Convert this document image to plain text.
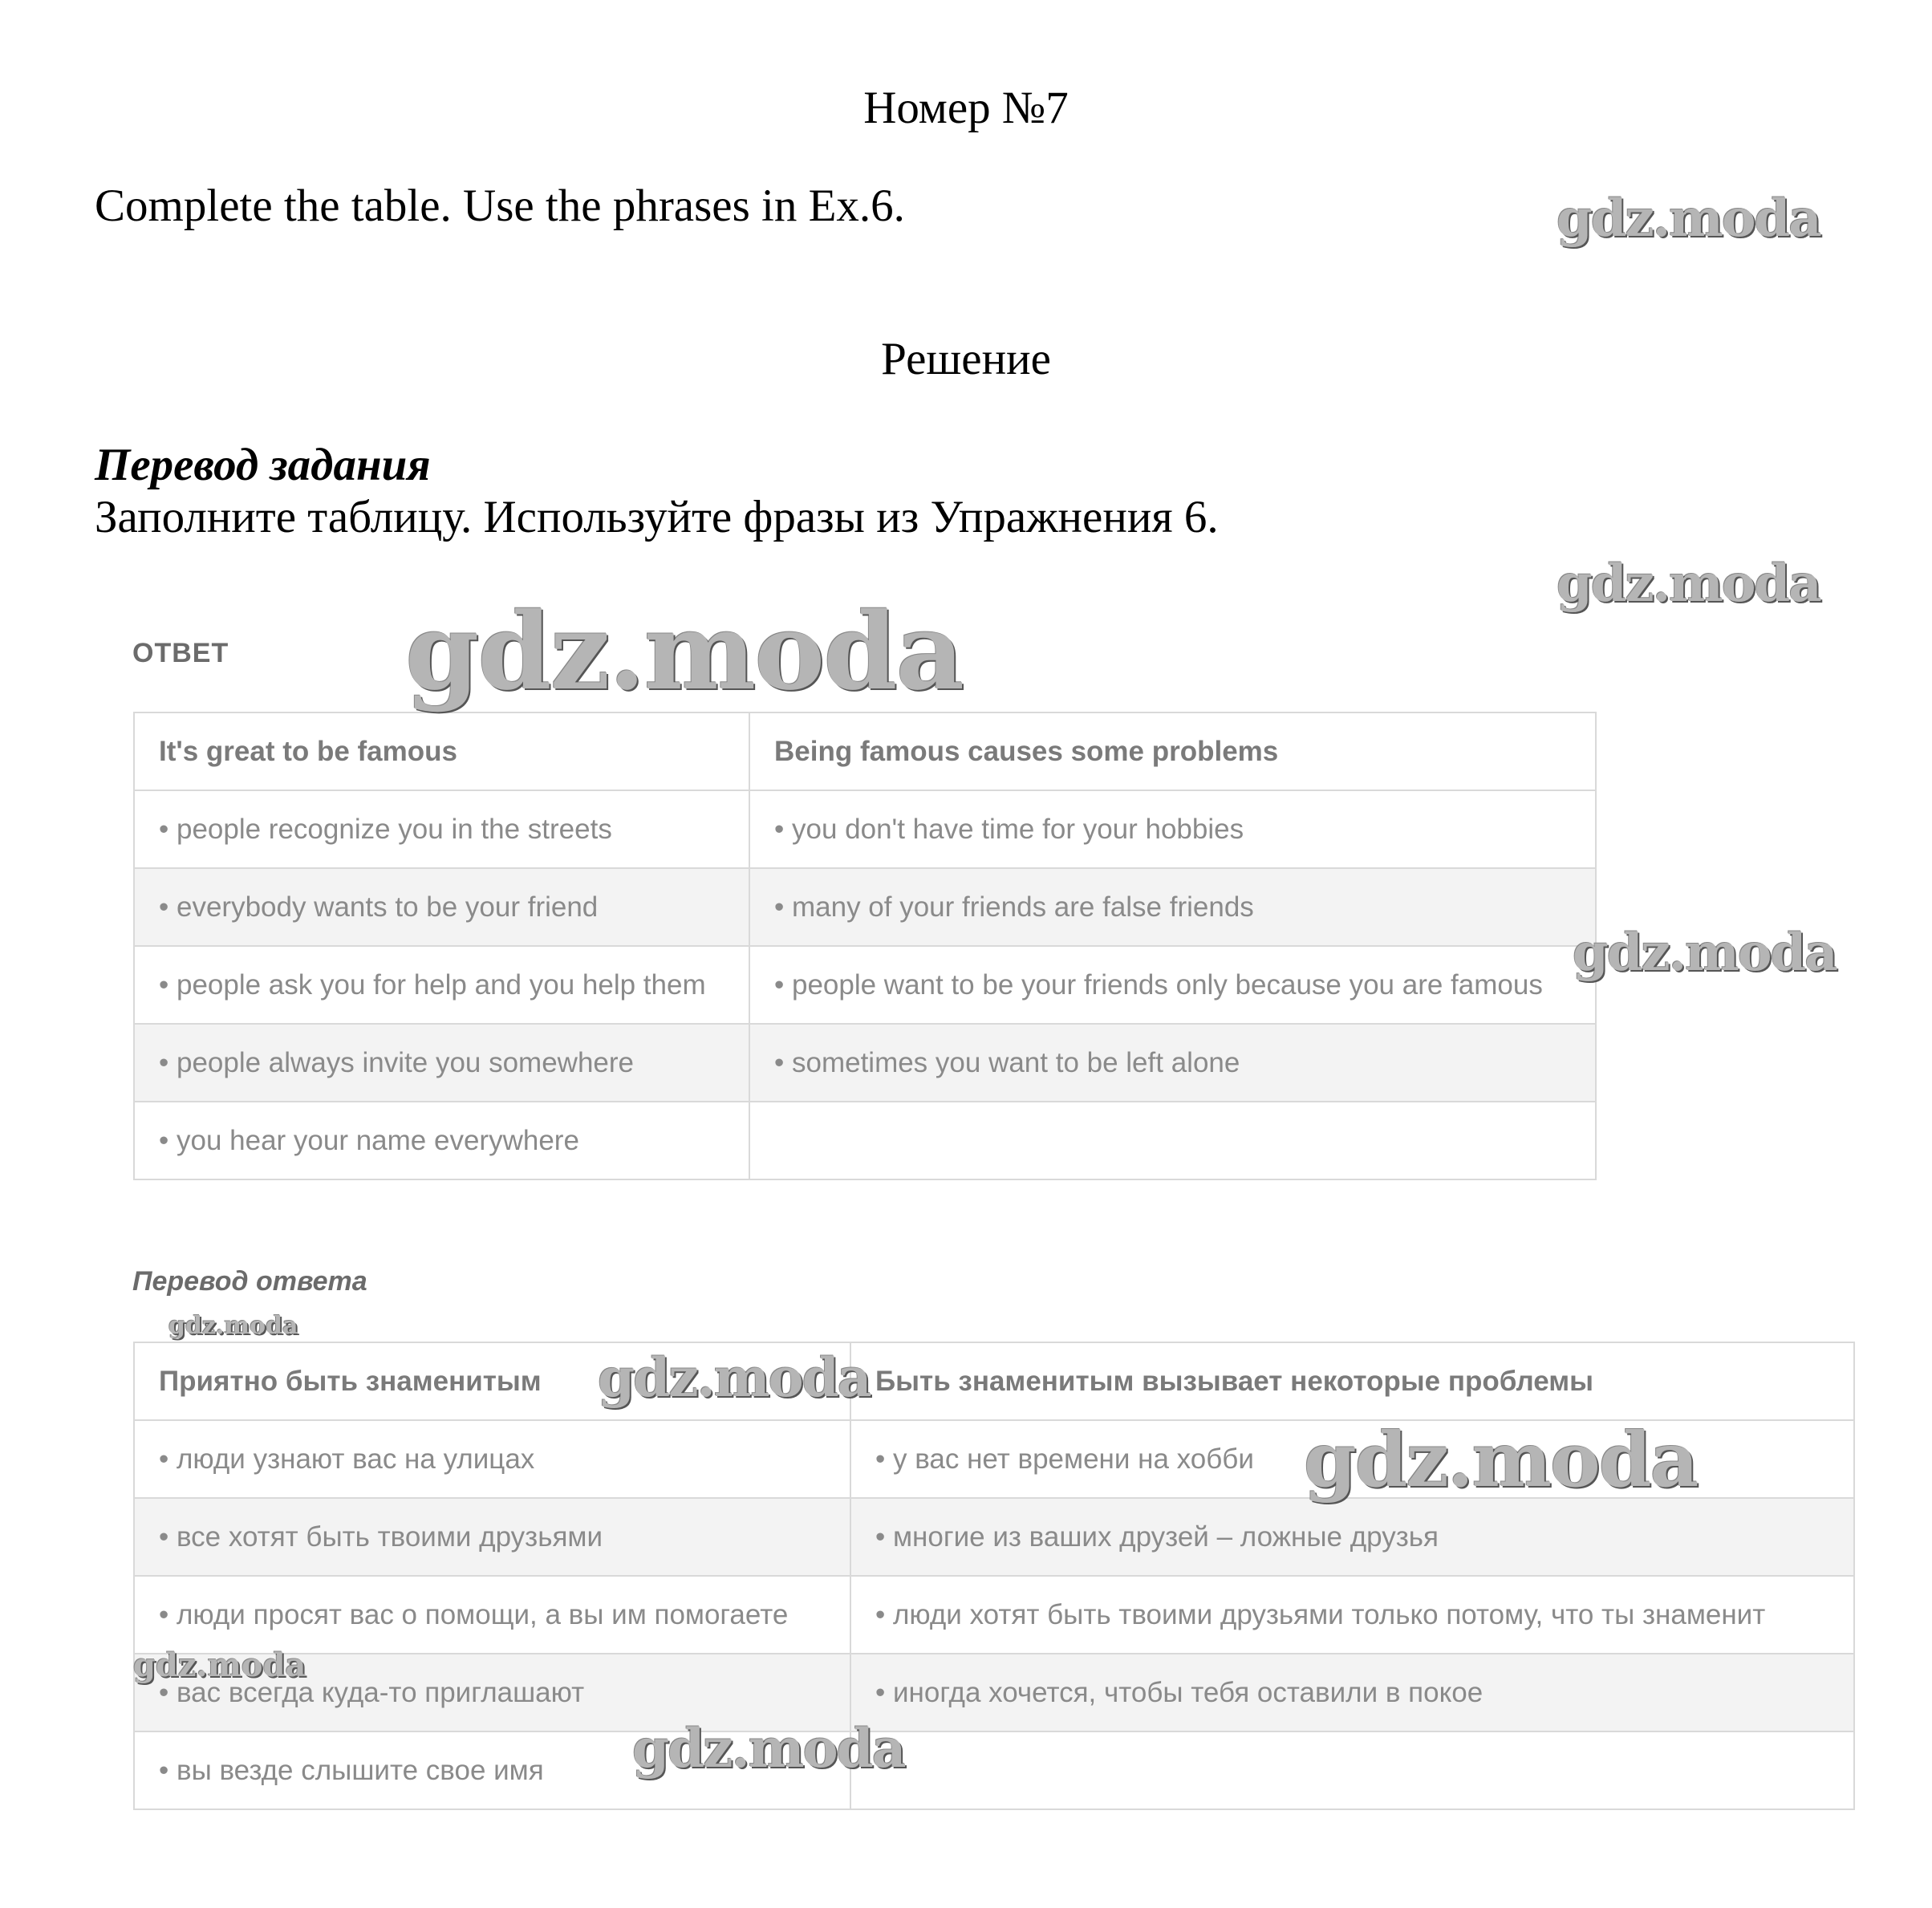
Номер №7
Complete the table. Use the phrases in Ex.6.
Решение
Перевод задания
Заполните таблицу. Используйте фразы из Упражнения 6.
ОТВЕТ
It's great to be famous	Being famous causes some problems
• people recognize you in the streets	• you don't have time for your hobbies
• everybody wants to be your friend	• many of your friends are false friends
• people ask you for help and you help them	• people want to be your friends only because you are famous
• people always invite you somewhere	• sometimes you want to be left alone
• you hear your name everywhere	
Перевод ответа
Приятно быть знаменитым	Быть знаменитым вызывает некоторые проблемы
• люди узнают вас на улицах	• у вас нет времени на хобби
• все хотят быть твоими друзьями	• многие из ваших друзей – ложные друзья
• люди просят вас о помощи, а вы им помогаете	• люди хотят быть твоими друзьями только потому, что ты знаменит
• вас всегда куда-то приглашают	• иногда хочется, чтобы тебя оставили в покое
• вы везде слышите свое имя	
gdz.moda
gdz.moda
gdz.moda
gdz.moda
gdz.moda
gdz.moda
gdz.moda
gdz.moda
gdz.moda
